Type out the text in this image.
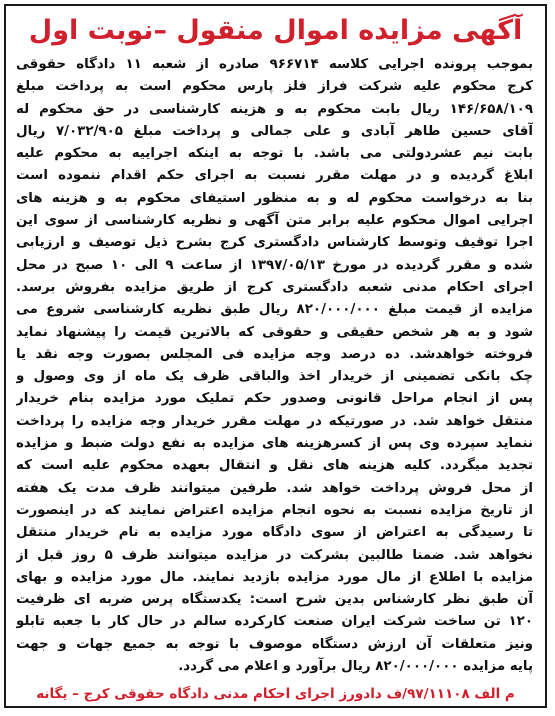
آگهی مزایده اموال منقول –نوبت اول
بموجب پرونده اجرایی کلاسه ۹۶۶۷۱۴ صادره از شعبه ۱۱ دادگاه حقوقی
کرج محکوم علیه شرکت فراز فلز پارس محکوم است به پرداخت مبلغ
۱۴۶/۶۵۸/۱۰۹ ریال بابت محکوم به و هزینه کارشناسی در حق محکوم له
آقای حسین طاهر آبادی و علی جمالی و پرداخت مبلغ ۷/۰۳۲/۹۰۵ ریال
بابت نیم عشردولتی می باشد. با توجه به اینکه اجراییه به محکوم علیه
ابلاغ گردیده و در مهلت مقرر نسبت به اجرای حکم اقدام ننموده است
بنا به درخواست محکوم له و به منظور استیفای محکوم به و هزینه های
اجرایی اموال محکوم علیه برابر متن آگهی و نظریه کارشناسی از سوی این
اجرا توقیف وتوسط کارشناس دادگستری کرج بشرح ذیل توصیف و ارزیابی
شده و مقرر گردیده در مورخ ۱۳۹۷/۰۵/۱۳ از ساعت ۹ الی ۱۰ صبح در محل
اجرای احکام مدنی شعبه دادگستری کرج از طریق مزایده بفروش برسد.
مزایده از قیمت مبلغ ۸۲۰/۰۰۰/۰۰۰ ریال طبق نظریه کارشناسی شروع می
شود و به هر شخص حقیقی و حقوقی که بالاترین قیمت را پیشنهاد نماید
فروخته خواهدشد. ده درصد وجه مزایده فی المجلس بصورت وجه نقد یا
چک بانکی تضمینی از خریدار اخذ والباقی ظرف یک ماه از وی وصول و
پس از انجام مراحل قانونی وصدور حکم تملیک مورد مزایده بنام خریدار
منتقل خواهد شد. در صورتیکه در مهلت مقرر خریدار وجه مزایده را پرداخت
ننماید سپرده وی پس از کسرهزینه های مزایده به نفع دولت ضبط و مزایده
تجدید میگردد. کلیه هزینه های نقل و انتقال بعهده محکوم علیه است که
از محل فروش پرداخت خواهد شد. طرفین میتوانند ظرف مدت یک هفته
از تاریخ مزایده نسبت به نحوه انجام مزایده اعتراض نمایند که در اینصورت
تا رسیدگی به اعتراض از سوی دادگاه مورد مزایده به نام خریدار منتقل
نخواهد شد. ضمنا طالبین بشرکت در مزایده میتوانند ظرف ۵ روز قبل از
مزایده با اطلاع از مال مورد مزایده بازدید نمایند. مال مورد مزایده و بهای
آن طبق نظر کارشناس بدین شرح است: یکدستگاه پرس ضربه ای ظرفیت
۱۲۰ تن ساخت شرکت ایران صنعت کارکرده سالم در حال کار با جعبه تابلو
ونیز متعلقات آن ارزش دستگاه موصوف با توجه به جمیع جهات و جهت
پایه مزایده ۸۲۰/۰۰۰/۰۰۰ ریال برآورد و اعلام می گردد.
م الف ۹۷/۱۱۱۰۸/ف دادورز اجرای احکام مدنی دادگاه حقوقی کرج – یگانه
